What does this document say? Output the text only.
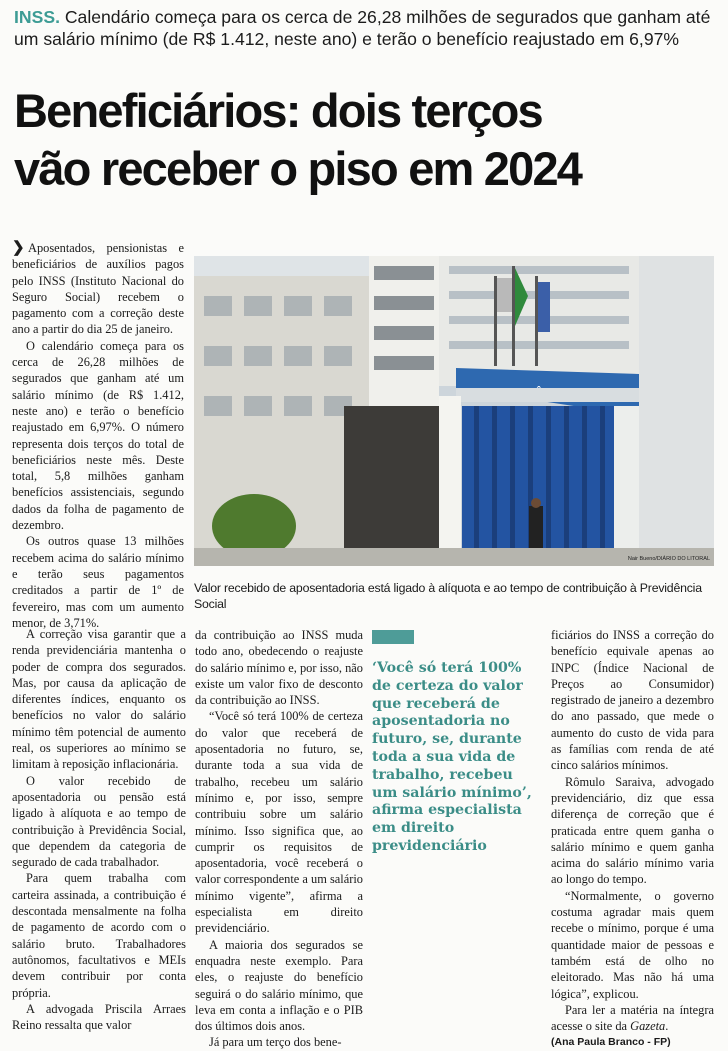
INSS. Calendário começa para os cerca de 26,28 milhões de segurados que ganham até um salário mínimo (de R$ 1.412, neste ano) e terão o benefício reajustado em 6,97%
Beneficiários: dois terços
vão receber o piso em 2024

❯ Aposentados, pensionistas e beneficiários de auxílios pagos pelo INSS (Instituto Nacional do Seguro Social) recebem o pagamento com a correção deste ano a partir do dia 25 de janeiro.

O calendário começa para os cerca de 26,28 milhões de segurados que ganham até um salário mínimo (de R$ 1.412, neste ano) e terão o benefício reajustado em 6,97%. O número representa dois terços do total de beneficiários neste mês. Deste total, 5,8 milhões ganham benefícios assistenciais, segundo dados da folha de pagamento de dezembro.

Os outros quase 13 milhões recebem acima do salário mínimo e terão seus pagamentos creditados a partir de 1º de fevereiro, mas com um aumento menor, de 3,71%.

Nair Bueno/DIÁRIO DO LITORAL
Valor recebido de aposentadoria está ligado à alíquota e ao tempo de contribuição à Previdência Social

A correção visa garantir que a renda previdenciária mantenha o poder de compra dos segurados. Mas, por causa da aplicação de diferentes índices, enquanto os benefícios no valor do salário mínimo têm potencial de aumento real, os superiores ao mínimo se limitam à reposição inflacionária.

O valor recebido de aposentadoria ou pensão está ligado à alíquota e ao tempo de contribuição à Previdência Social, que dependem da categoria de segurado de cada trabalhador.

Para quem trabalha com carteira assinada, a contribuição é descontada mensalmente na folha de pagamento de acordo com o salário bruto. Trabalhadores autônomos, facultativos e MEIs devem contribuir por conta própria.

A advogada Priscila Arraes Reino ressalta que valor

da contribuição ao INSS muda todo ano, obedecendo o reajuste do salário mínimo e, por isso, não existe um valor fixo de desconto da contribuição ao INSS.

“Você só terá 100% de certeza do valor que receberá de aposentadoria no futuro, se, durante toda a sua vida de trabalho, recebeu um salário mínimo e, por isso, sempre contribuiu sobre um salário mínimo. Isso significa que, ao cumprir os requisitos de aposentadoria, você receberá o valor correspondente a um salário mínimo vigente”, afirma a especialista em direito previdenciário.

A maioria dos segurados se enquadra neste exemplo. Para eles, o reajuste do benefício seguirá o do salário mínimo, que leva em conta a inflação e o PIB dos últimos dois anos.

Já para um terço dos bene-

‘Você só terá 100% de certeza do valor que receberá de aposentadoria no futuro, se, durante toda a sua vida de trabalho, recebeu um salário mínimo’, afirma especialista em direito previdenciário

ficiários do INSS a correção do benefício equivale apenas ao INPC (Índice Nacional de Preços ao Consumidor) registrado de janeiro a dezembro do ano passado, que mede o aumento do custo de vida para as famílias com renda de até cinco salários mínimos.

Rômulo Saraiva, advogado previdenciário, diz que essa diferença de correção que é praticada entre quem ganha o salário mínimo e quem ganha acima do salário mínimo varia ao longo do tempo.

“Normalmente, o governo costuma agradar mais quem recebe o mínimo, porque é uma quantidade maior de pessoas e também está de olho no eleitorado. Mas não há uma lógica”, explicou.

Para ler a matéria na íntegra acesse o site da Gazeta.

(Ana Paula Branco - FP)
